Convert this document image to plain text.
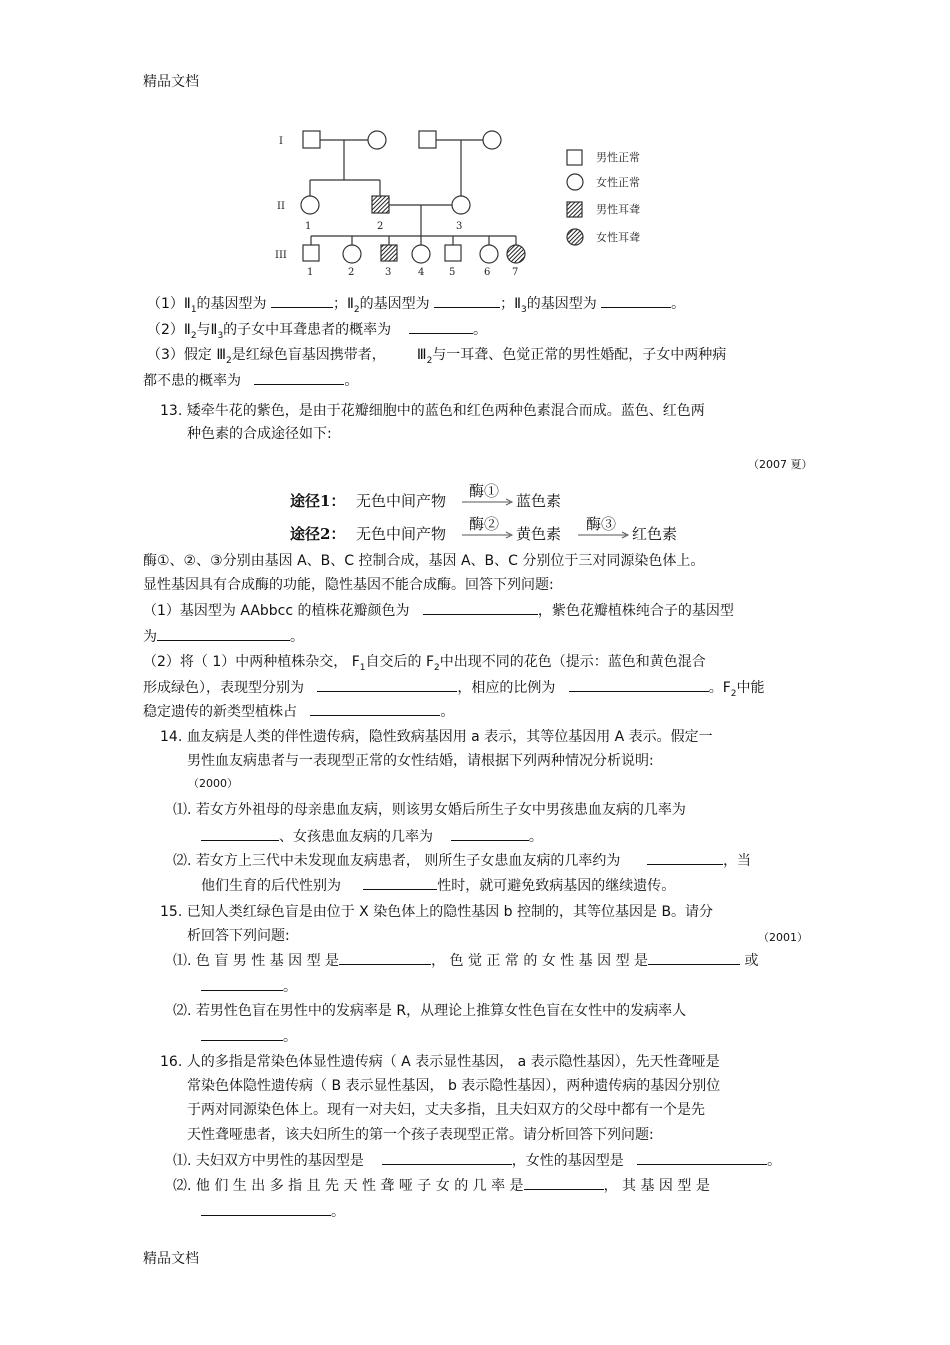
精品文档
精品文档
I
II
III
1	2	3
1	2	3	4 5	6 7
男性正常
女性正常
男性耳聋
女性耳聋
$(1)Ⅱ_1$的基因型为	；$Ⅱ_2$的基因型为	；$Ⅱ_3$的基因型为	。
$(2)Ⅱ_2$与$Ⅱ_3$的子女中耳聋患者的概率为	。
（3）假定 $Ⅲ_2$是红绿色盲基因携带者， $Ⅲ_2$与一耳聋、色觉正常的男性婚配，子女中两种病
都不患的概率为	。
13. 矮牵牛花的紫色，是由于花瓣细胞中的蓝色和红色两种色素混合而成。蓝色、红色两
种色素的合成途径如下:
（2007 夏）
途径1： 无色中间产物
酶①
蓝色素
途径2： 无色中间产物
酶②
黄色素
酶③
红色素
酶①、②、③分别由基因 A、B、C 控制合成，基因 A、B、C 分别位于三对同源染色体上。
显性基因具有合成酶的功能，隐性基因不能合成酶。回答下列问题:
（1）基因型为 AAbbcc 的植株花瓣颜色为	，紫色花瓣植株纯合子的基因型
为	。
（2）将（ 1）中两种植株杂交， $F_1$自交后的 $F_2$中出现不同的花色（提示：蓝色和黄色混合
形成绿色），表现型分别为	，相应的比例为	。$F_2$中能
稳定遗传的新类型植株占	。
14. 血友病是人类的伴性遗传病，隐性致病基因用 a 表示，其等位基因用 A 表示。假定一
男性血友病患者与一表现型正常的女性结婚，请根据下列两种情况分析说明:
（2000）
⑴. 若女方外祖母的母亲患血友病，则该男女婚后所生子女中男孩患血友病的几率为
、女孩患血友病的几率为	。
⑵. 若女方上三代中未发现血友病患者， 则所生子女患血友病的几率约为	，当
他们生育的后代性别为	性时，就可避免致病基因的继续遗传。
15. 已知人类红绿色盲是由位于 X 染色体上的隐性基因 b 控制的，其等位基因是 B。请分
析回答下列问题:	（2001）
⑴. 色 盲 男 性 基 因 型 是	， 色 觉 正 常 的 女 性 基 因 型 是	或
。
⑵. 若男性色盲在男性中的发病率是 R，从理论上推算女性色盲在女性中的发病率人
。
16. 人的多指是常染色体显性遗传病（ A 表示显性基因， a 表示隐性基因），先天性聋哑是
常染色体隐性遗传病（ B 表示显性基因， b 表示隐性基因），两种遗传病的基因分别位
于两对同源染色体上。现有一对夫妇，丈夫多指，且夫妇双方的父母中都有一个是先
天性聋哑患者，该夫妇所生的第一个孩子表现型正常。请分析回答下列问题:
⑴. 夫妇双方中男性的基因型是	，女性的基因型是	。
⑵. 他 们 生 出 多 指 且 先 天 性 聋 哑 子 女 的 几 率 是	， 其 基 因 型 是
。
